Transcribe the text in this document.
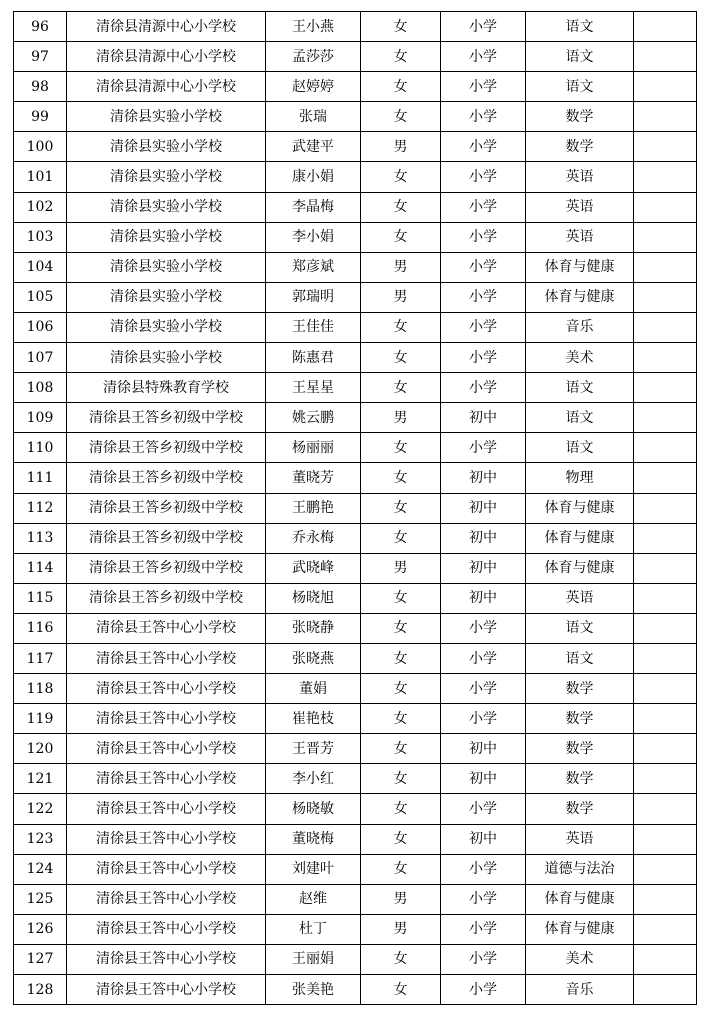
96	清徐县清源中心小学校	王小燕	女	小学	语文	
97	清徐县清源中心小学校	孟莎莎	女	小学	语文	
98	清徐县清源中心小学校	赵婷婷	女	小学	语文	
99	清徐县实验小学校	张瑞	女	小学	数学	
100	清徐县实验小学校	武建平	男	小学	数学	
101	清徐县实验小学校	康小娟	女	小学	英语	
102	清徐县实验小学校	李晶梅	女	小学	英语	
103	清徐县实验小学校	李小娟	女	小学	英语	
104	清徐县实验小学校	郑彦斌	男	小学	体育与健康	
105	清徐县实验小学校	郭瑞明	男	小学	体育与健康	
106	清徐县实验小学校	王佳佳	女	小学	音乐	
107	清徐县实验小学校	陈惠君	女	小学	美术	
108	清徐县特殊教育学校	王星星	女	小学	语文	
109	清徐县王答乡初级中学校	姚云鹏	男	初中	语文	
110	清徐县王答乡初级中学校	杨丽丽	女	小学	语文	
111	清徐县王答乡初级中学校	董晓芳	女	初中	物理	
112	清徐县王答乡初级中学校	王鹏艳	女	初中	体育与健康	
113	清徐县王答乡初级中学校	乔永梅	女	初中	体育与健康	
114	清徐县王答乡初级中学校	武晓峰	男	初中	体育与健康	
115	清徐县王答乡初级中学校	杨晓旭	女	初中	英语	
116	清徐县王答中心小学校	张晓静	女	小学	语文	
117	清徐县王答中心小学校	张晓燕	女	小学	语文	
118	清徐县王答中心小学校	董娟	女	小学	数学	
119	清徐县王答中心小学校	崔艳枝	女	小学	数学	
120	清徐县王答中心小学校	王晋芳	女	初中	数学	
121	清徐县王答中心小学校	李小红	女	初中	数学	
122	清徐县王答中心小学校	杨晓敏	女	小学	数学	
123	清徐县王答中心小学校	董晓梅	女	初中	英语	
124	清徐县王答中心小学校	刘建叶	女	小学	道德与法治	
125	清徐县王答中心小学校	赵维	男	小学	体育与健康	
126	清徐县王答中心小学校	杜丁	男	小学	体育与健康	
127	清徐县王答中心小学校	王丽娟	女	小学	美术	
128	清徐县王答中心小学校	张美艳	女	小学	音乐	
